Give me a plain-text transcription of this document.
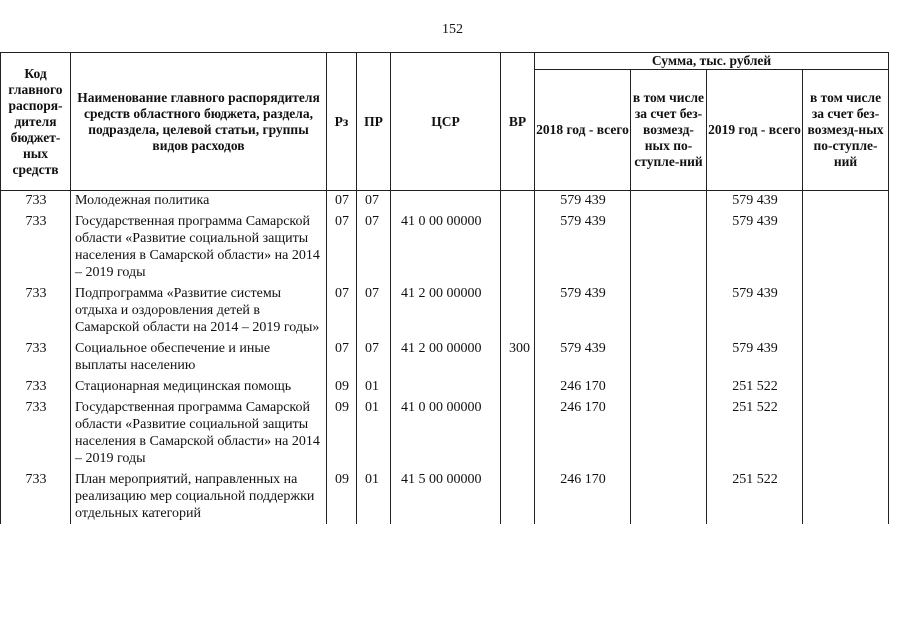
152
Код главного распоря-дителя бюджет-ных средств	Наименование главного распорядителя средств областного бюджета, раздела, подраздела, целевой статьи, группы видов расходов	Рз	ПР	ЦСР	ВР	Сумма, тыс. рублей			
						2018 год - всего	в том числе за счет без-возмезд-ных по-ступле-ний	2019 год - всего	в том числе за счет без-возмезд-ных по-ступле-ний
733	Молодежная политика	07	07			579 439		579 439	
733	Государственная программа Самарской области «Развитие социальной защиты населения в Самарской области» на 2014 – 2019 годы	07	07	41 0 00 00000		579 439		579 439	
733	Подпрограмма «Развитие системы отдыха и оздоровления детей в Самарской области на 2014 – 2019 годы»	07	07	41 2 00 00000		579 439		579 439	
733	Социальное обеспечение и иные выплаты населению	07	07	41 2 00 00000	300	579 439		579 439	
733	Стационарная медицинская помощь	09	01			246 170		251 522	
733	Государственная программа Самарской области «Развитие социальной защиты населения в Самарской области» на 2014 – 2019 годы	09	01	41 0 00 00000		246 170		251 522	
733	План мероприятий, направленных на реализацию мер социальной поддержки отдельных категорий	09	01	41 5 00 00000		246 170		251 522	
